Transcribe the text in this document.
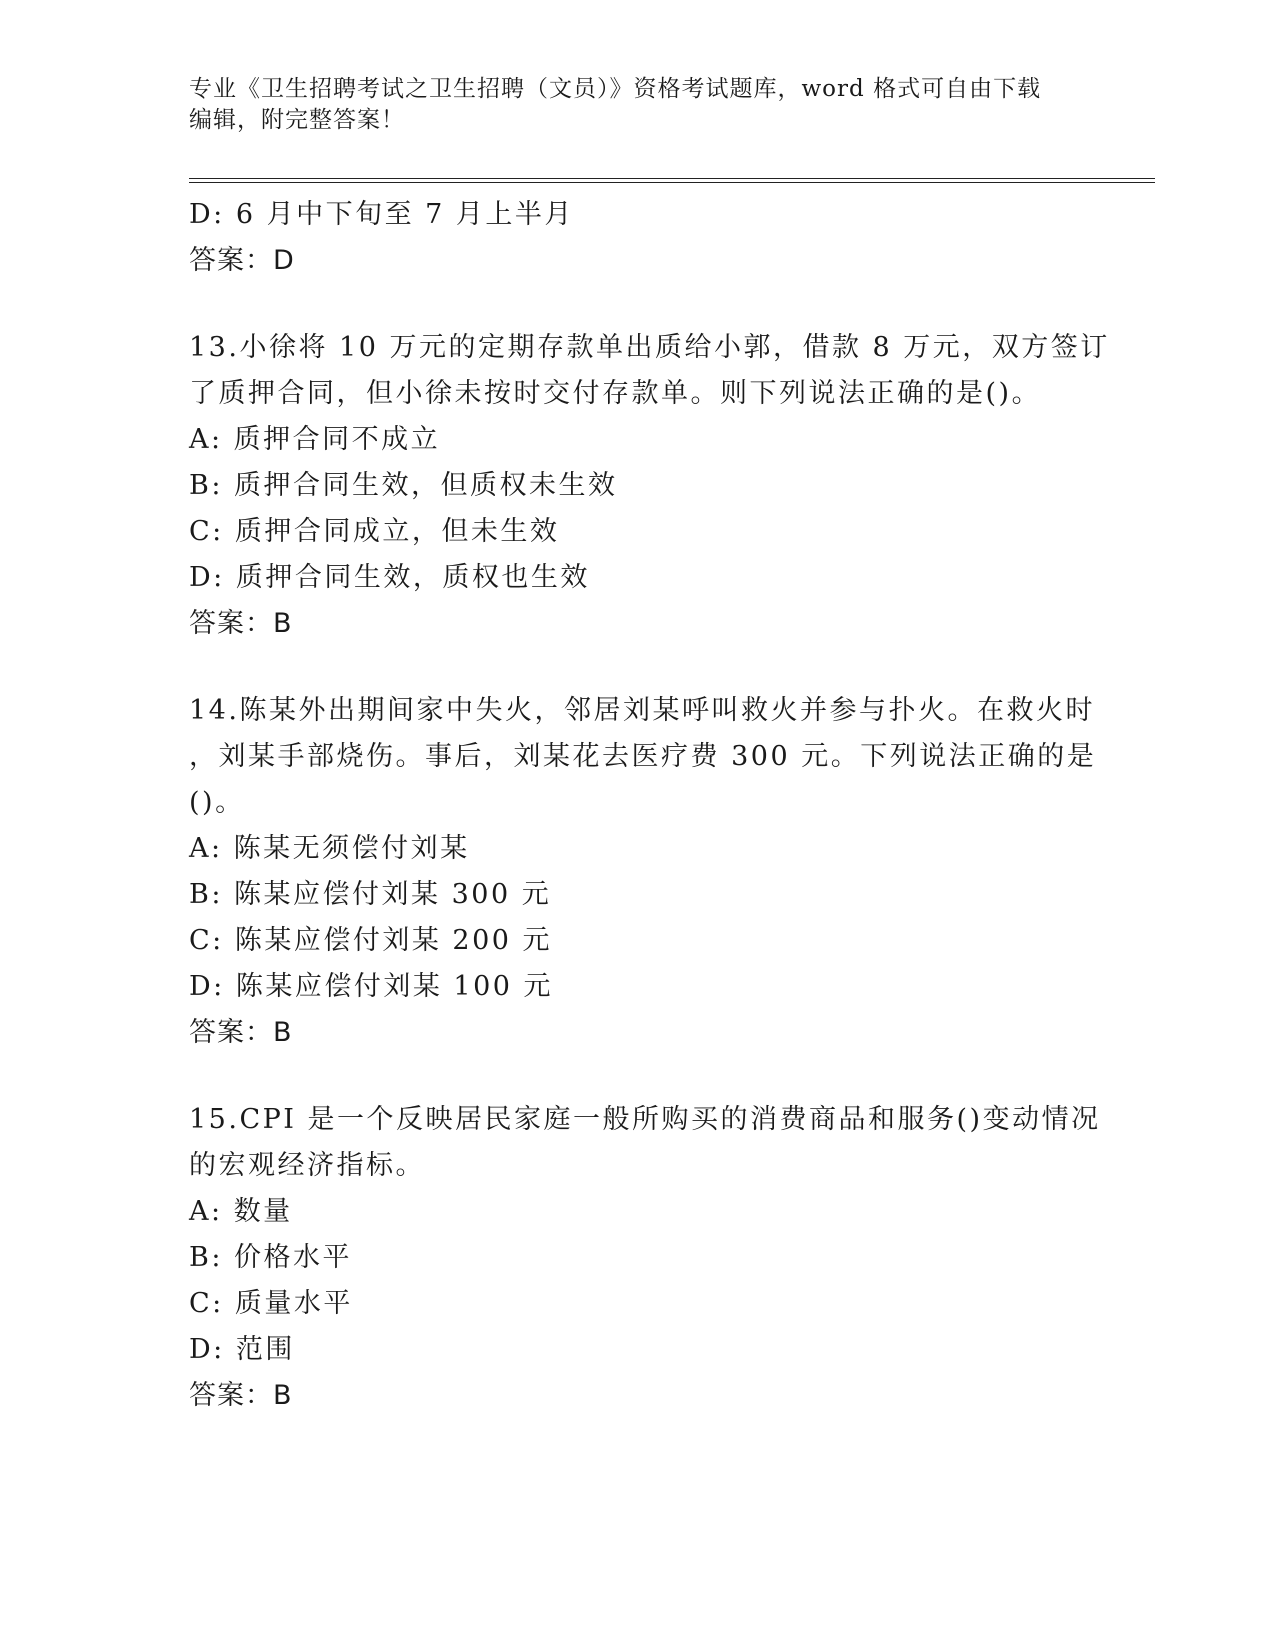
专业《卫生招聘考试之卫生招聘（文员）》资格考试题库，word 格式可自由下载
编辑，附完整答案！
D: 6 月中下旬至 7 月上半月
答案：D
13.小徐将 10 万元的定期存款单出质给小郭，借款 8 万元，双方签订
了质押合同，但小徐未按时交付存款单。则下列说法正确的是()。
A: 质押合同不成立
B: 质押合同生效，但质权未生效
C: 质押合同成立，但未生效
D: 质押合同生效，质权也生效
答案：B
14.陈某外出期间家中失火，邻居刘某呼叫救火并参与扑火。在救火时
，刘某手部烧伤。事后，刘某花去医疗费 300 元。下列说法正确的是
()。
A: 陈某无须偿付刘某
B: 陈某应偿付刘某 300 元
C: 陈某应偿付刘某 200 元
D: 陈某应偿付刘某 100 元
答案：B
15.CPI 是一个反映居民家庭一般所购买的消费商品和服务()变动情况
的宏观经济指标。
A: 数量
B: 价格水平
C: 质量水平
D: 范围
答案：B
